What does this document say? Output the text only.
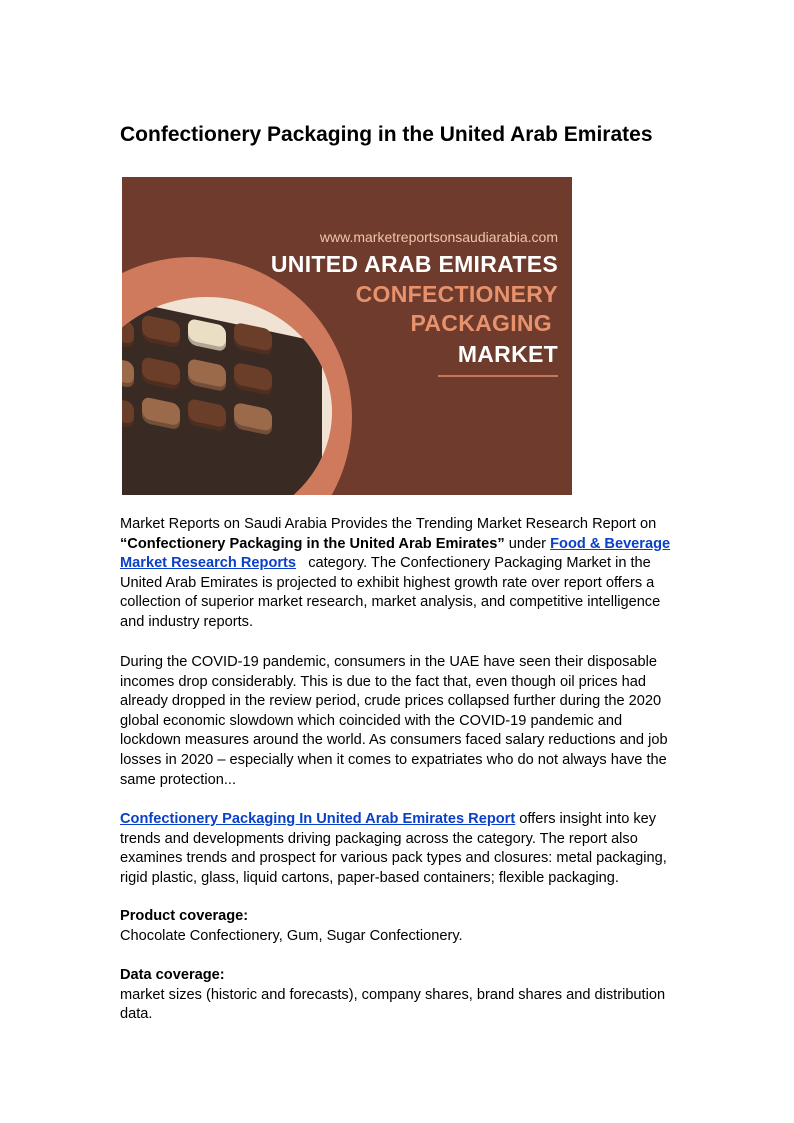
Confectionery Packaging in the United Arab Emirates
www.marketreportsonsaudiarabia.com
UNITED ARAB EMIRATES
CONFECTIONERY
PACKAGING
MARKET

Market Reports on Saudi Arabia Provides the Trending Market Research Report on
“Confectionery Packaging in the United Arab Emirates” under Food & Beverage
Market Research Reports category. The Confectionery Packaging Market in the
United Arab Emirates is projected to exhibit highest growth rate over report offers a
collection of superior market research, market analysis, and competitive intelligence
and industry reports.

During the COVID-19 pandemic, consumers in the UAE have seen their disposable
incomes drop considerably. This is due to the fact that, even though oil prices had
already dropped in the review period, crude prices collapsed further during the 2020
global economic slowdown which coincided with the COVID-19 pandemic and
lockdown measures around the world. As consumers faced salary reductions and job
losses in 2020 – especially when it comes to expatriates who do not always have the
same protection...

Confectionery Packaging In United Arab Emirates Report offers insight into key
trends and developments driving packaging across the category. The report also
examines trends and prospect for various pack types and closures: metal packaging,
rigid plastic, glass, liquid cartons, paper-based containers; flexible packaging.

Product coverage:
Chocolate Confectionery, Gum, Sugar Confectionery.

Data coverage:
market sizes (historic and forecasts), company shares, brand shares and distribution
data.
